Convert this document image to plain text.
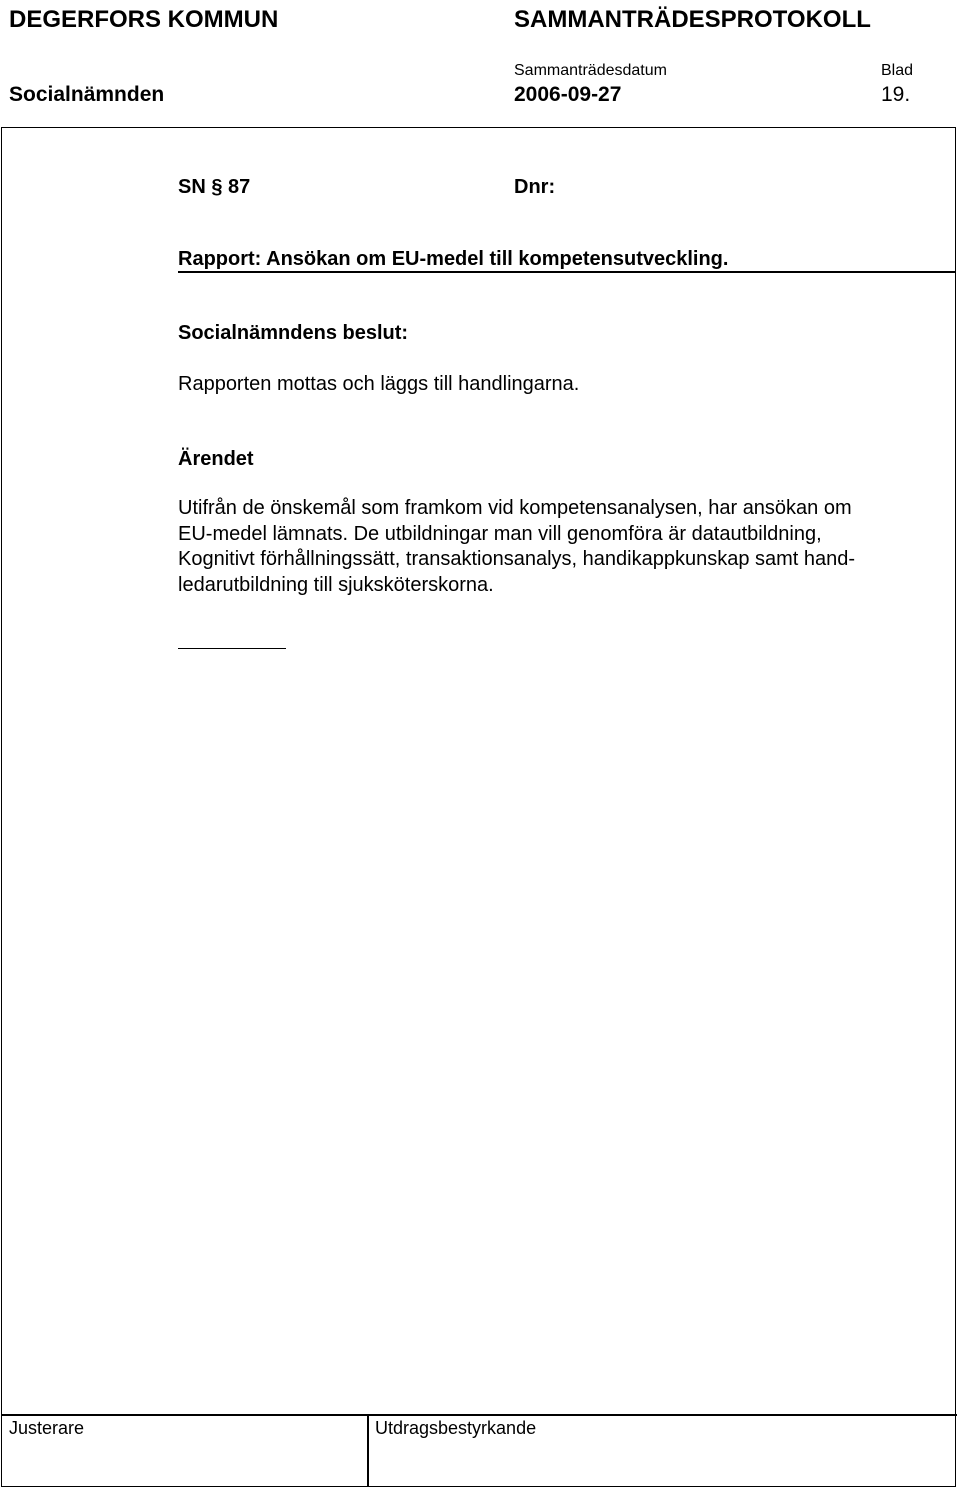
DEGERFORS KOMMUN	SAMMANTRÄDESPROTOKOLL
Sammanträdesdatum	Blad
Socialnämnden	2006-09-27	19.
SN § 87	Dnr:
Rapport: Ansökan om EU-medel till kompetensutveckling.
Socialnämndens beslut:
Rapporten mottas och läggs till handlingarna.
Ärendet
Utifrån de önskemål som framkom vid kompetensanalysen, har ansökan om
EU-medel lämnats. De utbildningar man vill genomföra är datautbildning,
Kognitivt förhållningssätt, transaktionsanalys, handikappkunskap samt hand-
ledarutbildning till sjuksköterskorna.
Justerare	Utdragsbestyrkande
